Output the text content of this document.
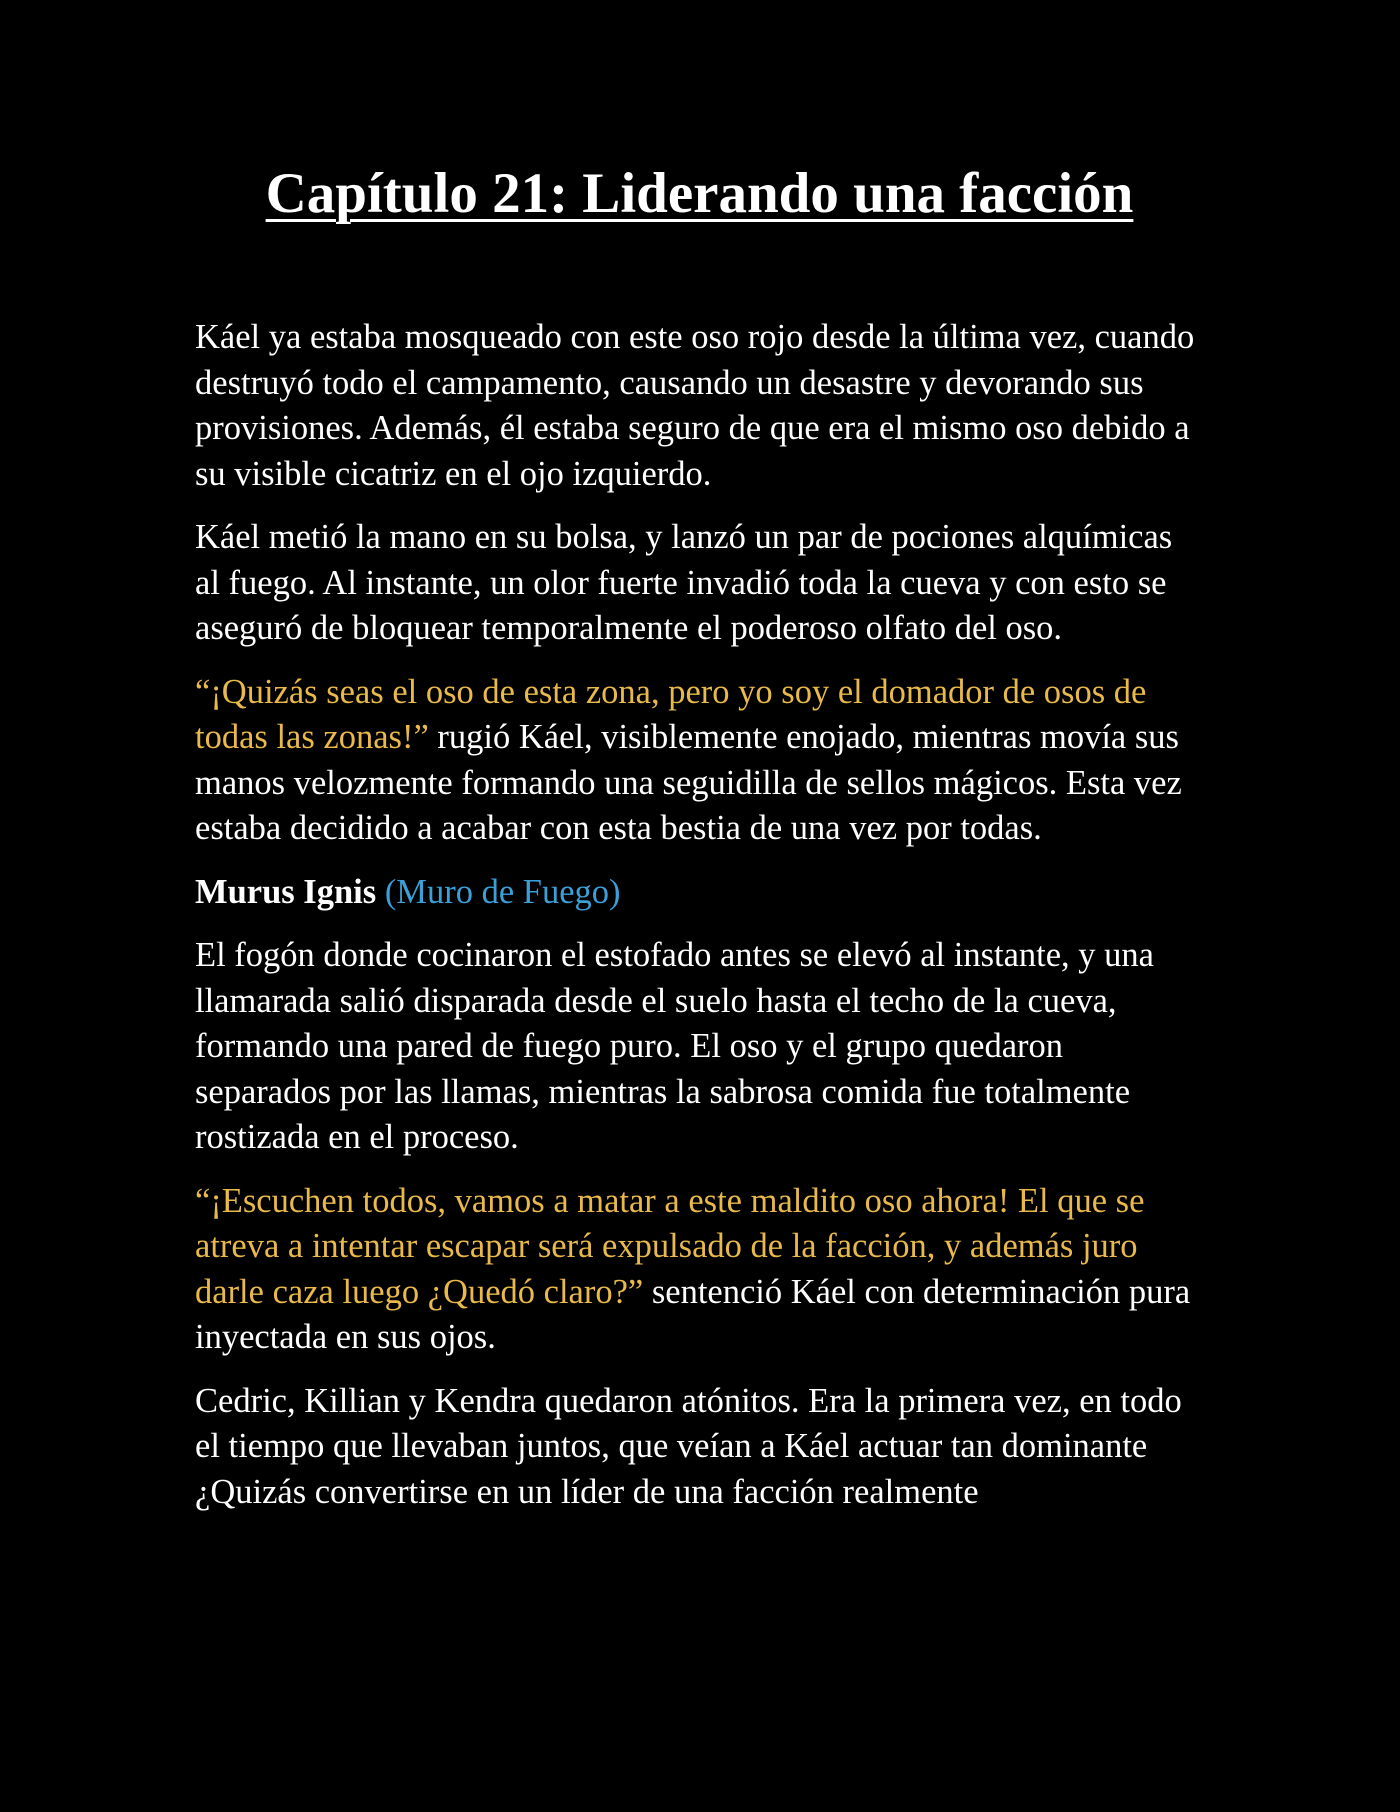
Capítulo 21: Liderando una facción

Káel ya estaba mosqueado con este oso rojo desde la última vez, cuando destruyó todo el campamento, causando un desastre y devorando sus provisiones. Además, él estaba seguro de que era el mismo oso debido a su visible cicatriz en el ojo izquierdo.

Káel metió la mano en su bolsa, y lanzó un par de pociones alquímicas al fuego. Al instante, un olor fuerte invadió toda la cueva y con esto se aseguró de bloquear temporalmente el poderoso olfato del oso.

“¡Quizás seas el oso de esta zona, pero yo soy el domador de osos de todas las zonas!” rugió Káel, visiblemente enojado, mientras movía sus manos velozmente formando una seguidilla de sellos mágicos. Esta vez estaba decidido a acabar con esta bestia de una vez por todas.

Murus Ignis (Muro de Fuego)

El fogón donde cocinaron el estofado antes se elevó al instante, y una llamarada salió disparada desde el suelo hasta el techo de la cueva, formando una pared de fuego puro. El oso y el grupo quedaron separados por las llamas, mientras la sabrosa comida fue totalmente rostizada en el proceso.

“¡Escuchen todos, vamos a matar a este maldito oso ahora! El que se atreva a intentar escapar será expulsado de la facción, y además juro darle caza luego ¿Quedó claro?” sentenció Káel con determinación pura inyectada en sus ojos.

Cedric, Killian y Kendra quedaron atónitos. Era la primera vez, en todo el tiempo que llevaban juntos, que veían a Káel actuar tan dominante ¿Quizás convertirse en un líder de una facción realmente
